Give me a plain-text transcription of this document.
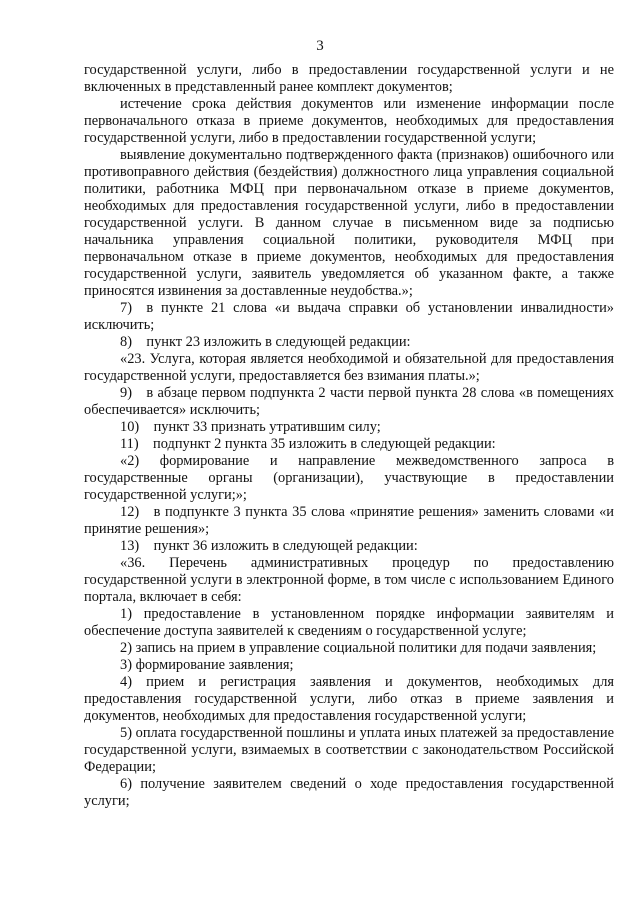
3

государственной услуги, либо в предоставлении государственной услуги и не включенных в представленный ранее комплект документов;

истечение срока действия документов или изменение информации после первоначального отказа в приеме документов, необходимых для предоставления государственной услуги, либо в предоставлении государственной услуги;

выявление документально подтвержденного факта (признаков) ошибочного или противоправного действия (бездействия) должностного лица управления социальной политики, работника МФЦ при первоначальном отказе в приеме документов, необходимых для предоставления государственной услуги, либо в предоставлении государственной услуги. В данном случае в письменном виде за подписью начальника управления социальной политики, руководителя МФЦ при первоначальном отказе в приеме документов, необходимых для предоставления государственной услуги, заявитель уведомляется об указанном факте, а также приносятся извинения за доставленные неудобства.»;

7) в пункте 21 слова «и выдача справки об установлении инвалидности» исключить;

8) пункт 23 изложить в следующей редакции:

«23. Услуга, которая является необходимой и обязательной для предоставления государственной услуги, предоставляется без взимания платы.»;

9) в абзаце первом подпункта 2 части первой пункта 28 слова «в помещениях обеспечивается» исключить;

10) пункт 33 признать утратившим силу;

11) подпункт 2 пункта 35 изложить в следующей редакции:

«2) формирование и направление межведомственного запроса в государственные органы (организации), участвующие в предоставлении государственной услуги;»;

12) в подпункте 3 пункта 35 слова «принятие решения» заменить словами «и принятие решения»;

13) пункт 36 изложить в следующей редакции:

«36. Перечень административных процедур по предоставлению государственной услуги в электронной форме, в том числе с использованием Единого портала, включает в себя:

1) предоставление в установленном порядке информации заявителям и обеспечение доступа заявителей к сведениям о государственной услуге;

2) запись на прием в управление социальной политики для подачи заявления;

3) формирование заявления;

4) прием и регистрация заявления и документов, необходимых для предоставления государственной услуги, либо отказ в приеме заявления и документов, необходимых для предоставления государственной услуги;

5) оплата государственной пошлины и уплата иных платежей за предоставление государственной услуги, взимаемых в соответствии с законодательством Российской Федерации;

6) получение заявителем сведений о ходе предоставления государственной услуги;
